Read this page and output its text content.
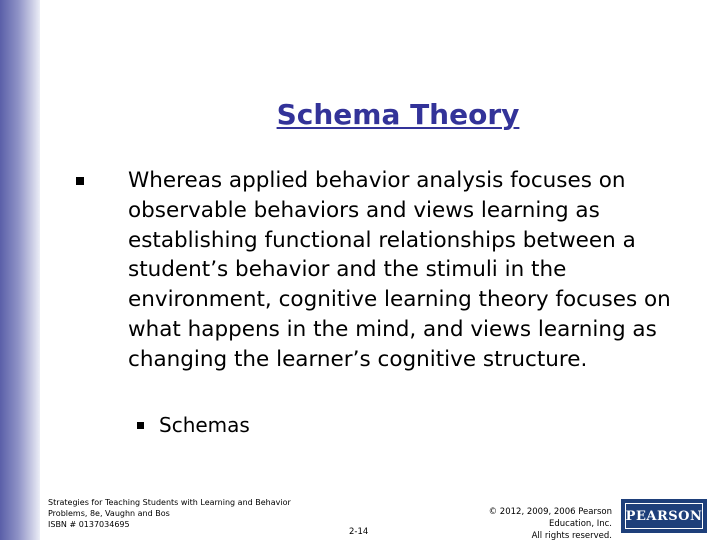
Schema Theory
Whereas applied behavior analysis focuses on observable behaviors and views learning as establishing functional relationships between a student’s behavior and the stimuli in the environment, cognitive learning theory focuses on what happens in the mind, and views learning as changing the learner’s cognitive structure.
Schemas
Strategies for Teaching Students with Learning and Behavior
Problems, 8e, Vaughn and Bos
ISBN # 0137034695
2-14
© 2012, 2009, 2006 Pearson
Education, Inc.
All rights reserved.
PEARSON
